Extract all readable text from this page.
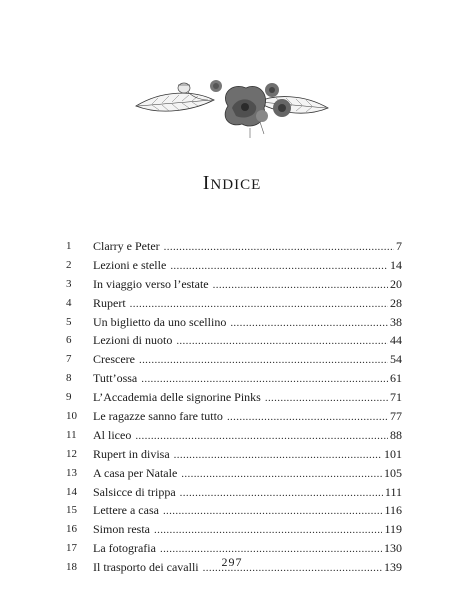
INDICE
1	Clarry e Peter . . .	7
2	Lezioni e stelle . . .	14
3	In viaggio verso l’estate . . .	20
4	Rupert . . .	28
5	Un biglietto da uno scellino . . .	38
6	Lezioni di nuoto . . .	44
7	Crescere . . .	54
8	Tutt’ossa . . .	61
9	L’Accademia delle signorine Pinks . . .	71
10	Le ragazze sanno fare tutto . . .	77
11	Al liceo . . .	88
12	Rupert in divisa . . .	101
13	A casa per Natale . . .	105
14	Salsicce di trippa . . .	111
15	Lettere a casa . . .	116
16	Simon resta . . .	119
17	La fotografia . . .	130
18	Il trasporto dei cavalli . . .	139
297
